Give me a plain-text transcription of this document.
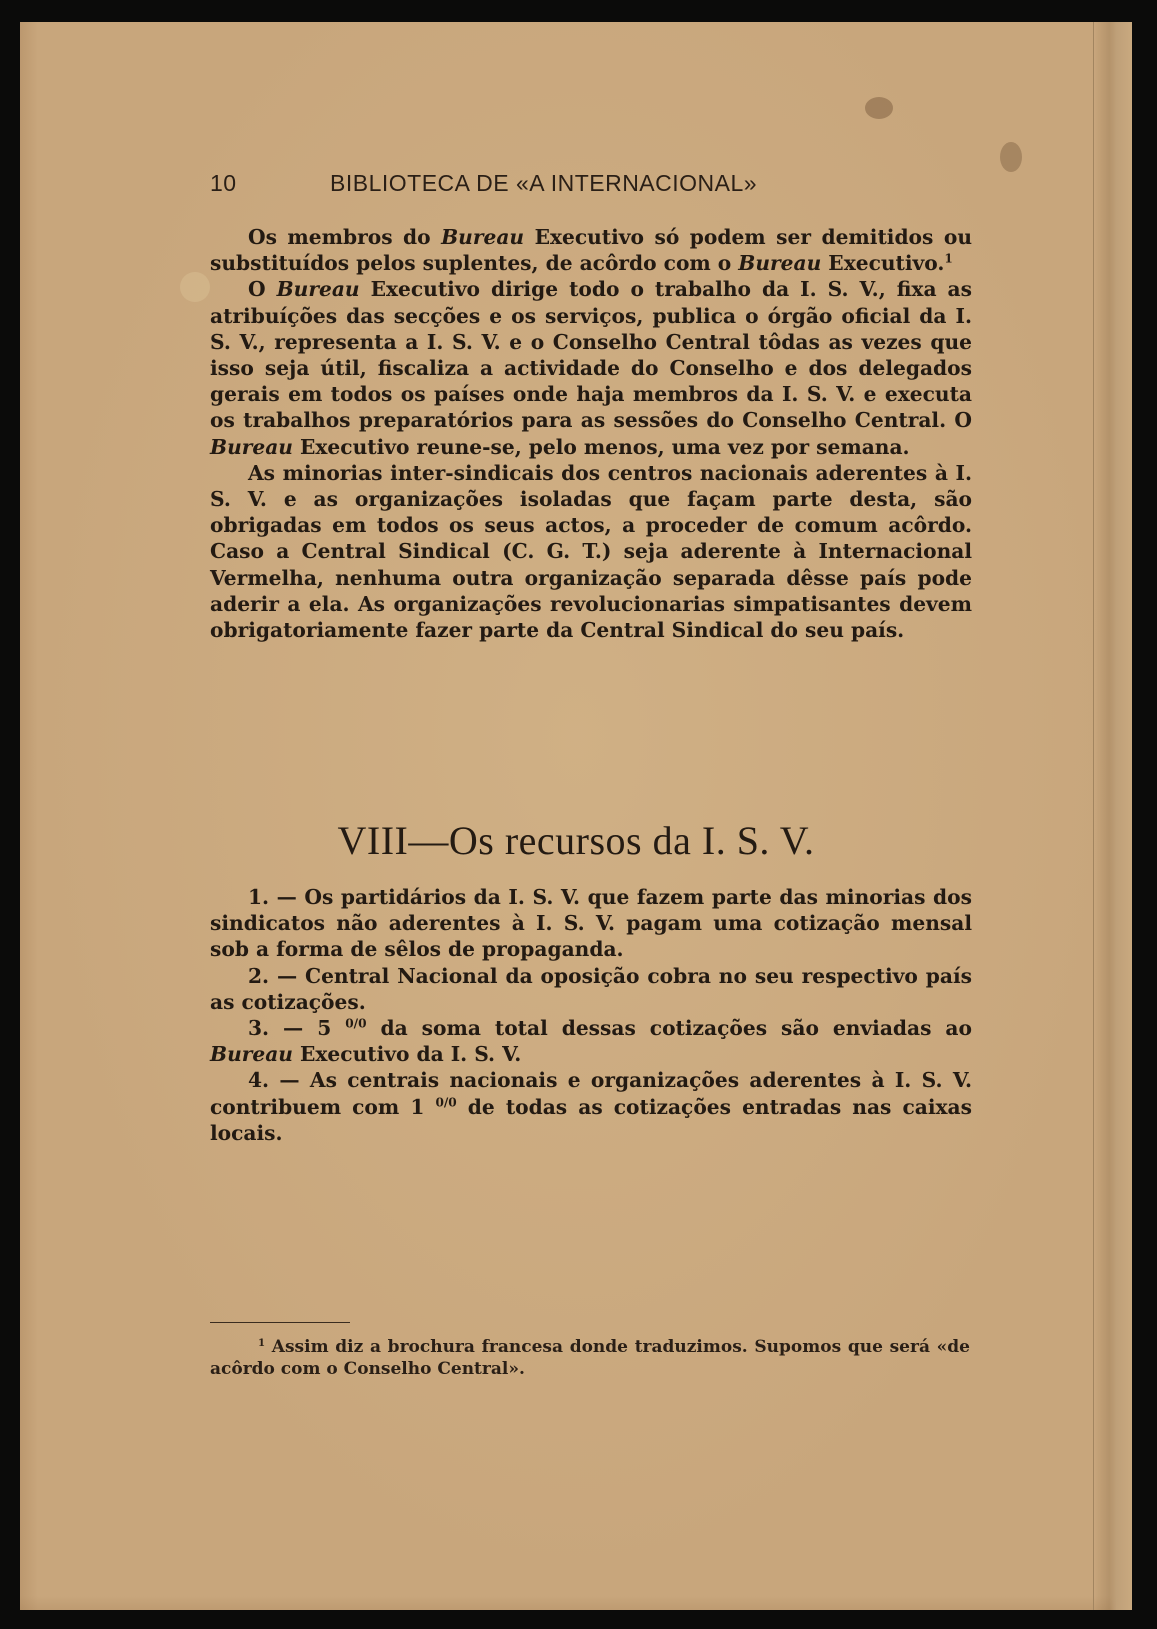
10	BIBLIOTECA DE «A INTERNACIONAL»

Os membros do Bureau Executivo só podem ser demitidos ou substituídos pelos suplentes, de acôrdo com o Bureau Executivo.$^1$

O Bureau Executivo dirige todo o trabalho da I. S. V., fixa as atribuíções das secções e os serviços, publica o órgão oficial da I. S. V., representa a I. S. V. e o Conselho Central tôdas as vezes que isso seja útil, fiscaliza a actividade do Conselho e dos delegados gerais em todos os países onde haja membros da I. S. V. e executa os trabalhos preparatórios para as sessões do Conselho Central. O Bureau Executivo reune-se, pelo menos, uma vez por semana.

As minorias inter-sindicais dos centros nacionais aderentes à I. S. V. e as organizações isoladas que façam parte desta, são obrigadas em todos os seus actos, a proceder de comum acôrdo. Caso a Central Sindical (C. G. T.) seja aderente à Internacional Vermelha, nenhuma outra organização separada dêsse país pode aderir a ela. As organizações revolucionarias simpatisantes devem obrigatoriamente fazer parte da Central Sindical do seu país.

VIII—Os recursos da I. S. V.

1. — Os partidários da I. S. V. que fazem parte das minorias dos sindicatos não aderentes à I. S. V. pagam uma cotização mensal sob a forma de sêlos de propaganda.

2. — Central Nacional da oposição cobra no seu respectivo país as cotizações.

3. — 5 $^{0/0}$ da soma total dessas cotizações são enviadas ao Bureau Executivo da I. S. V.

4. — As centrais nacionais e organizações aderentes à I. S. V. contribuem com 1 $^{0/0}$ de todas as cotizações entradas nas caixas locais.

$^1$ Assim diz a brochura francesa donde traduzimos. Supomos que será «de acôrdo com o Conselho Central».
